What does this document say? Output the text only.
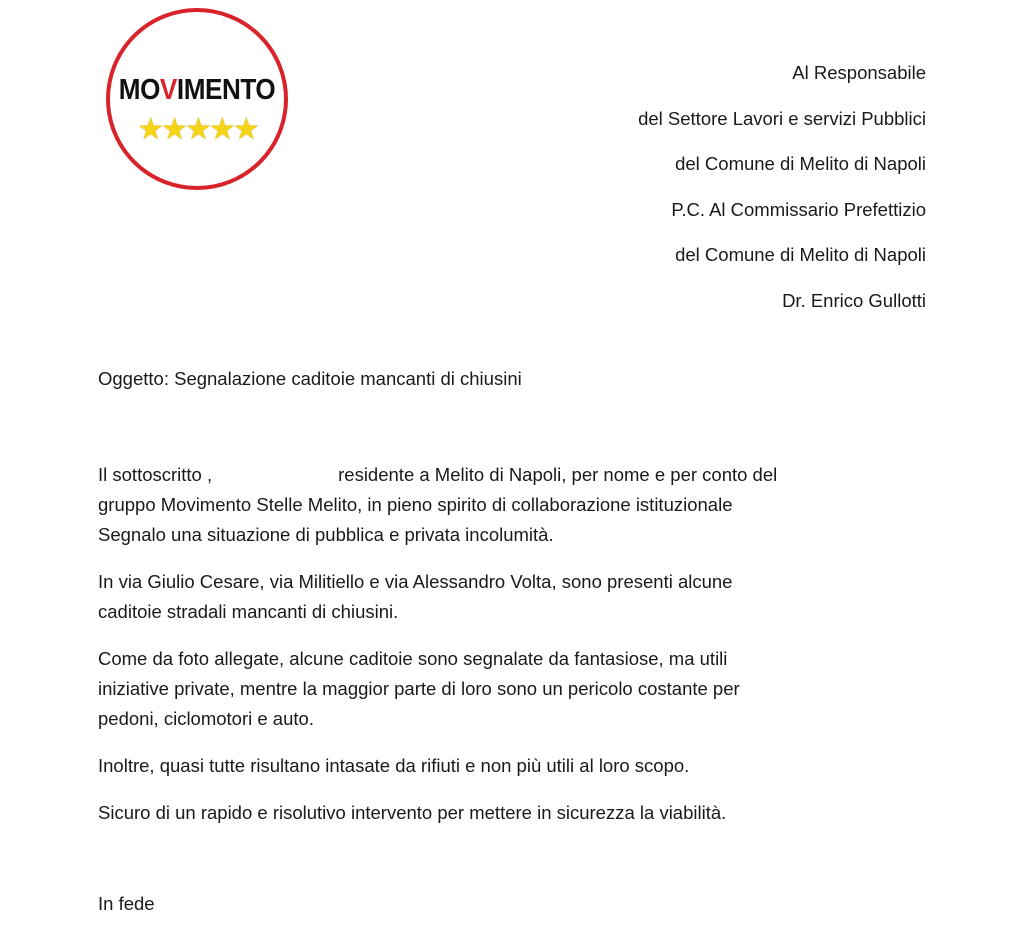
MOVIMENTO
★★★★★
Al Responsabile
del Settore Lavori e servizi Pubblici
del Comune di Melito di Napoli
P.C. Al Commissario Prefettizio
del Comune di Melito di Napoli
Dr. Enrico Gullotti
Oggetto: Segnalazione caditoie mancanti di chiusini

Il sottoscritto ,	residente a Melito di Napoli, per nome e per conto del
gruppo Movimento Stelle Melito, in pieno spirito di collaborazione istituzionale
Segnalo una situazione di pubblica e privata incolumità.

In via Giulio Cesare, via Militiello e via Alessandro Volta, sono presenti alcune
caditoie stradali mancanti di chiusini.

Come da foto allegate, alcune caditoie sono segnalate da fantasiose, ma utili
iniziative private, mentre la maggior parte di loro sono un pericolo costante per
pedoni, ciclomotori e auto.

Inoltre, quasi tutte risultano intasate da rifiuti e non più utili al loro scopo.

Sicuro di un rapido e risolutivo intervento per mettere in sicurezza la viabilità.

In fede
